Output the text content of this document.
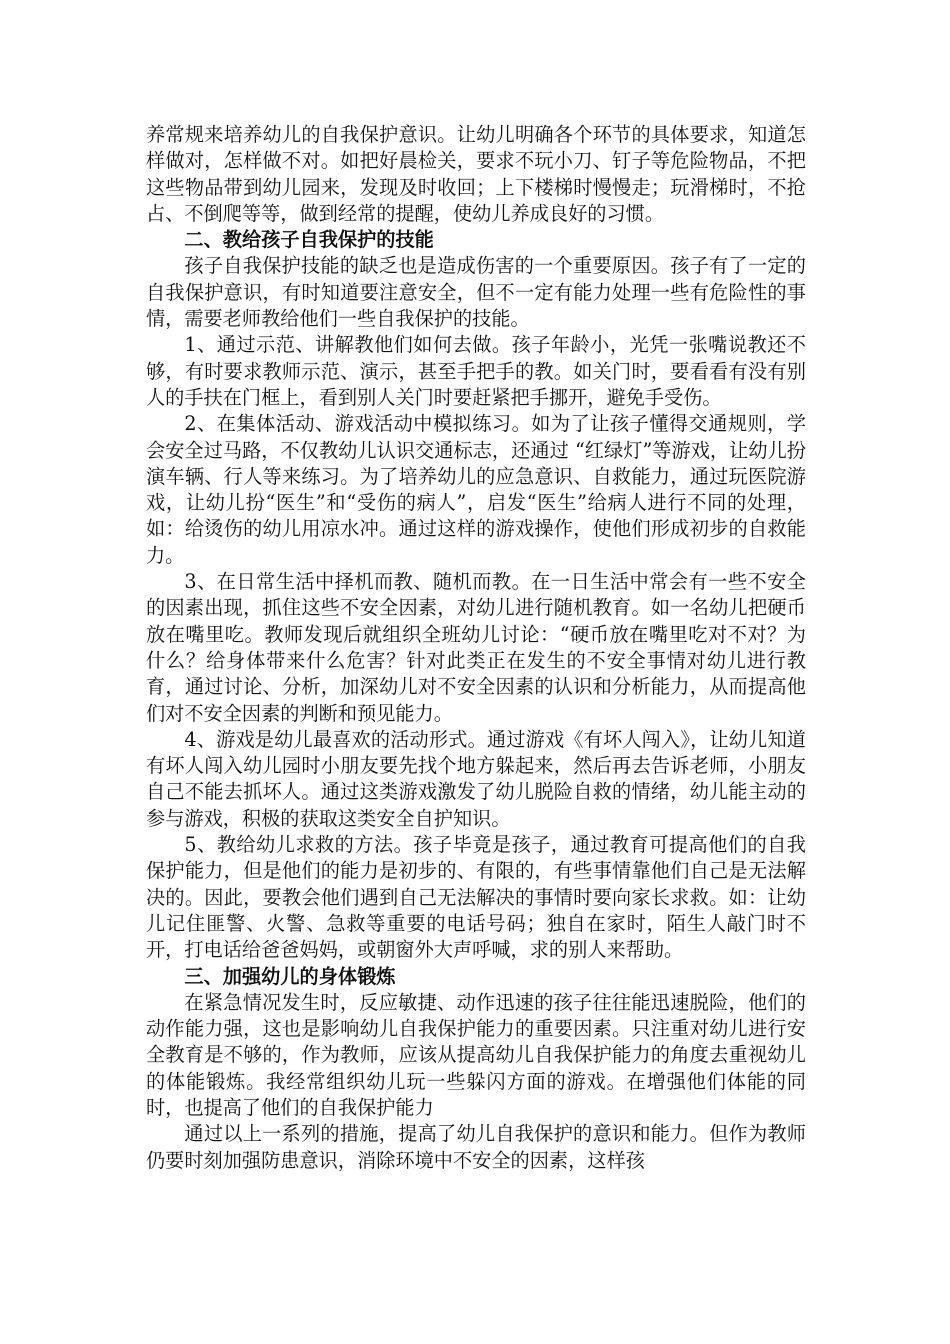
养常规来培养幼儿的自我保护意识。让幼儿明确各个环节的具体要求，知道怎样做对，怎样做不对。如把好晨检关，要求不玩小刀、钉子等危险物品，不把这些物品带到幼儿园来，发现及时收回；上下楼梯时慢慢走；玩滑梯时，不抢占、不倒爬等等，做到经常的提醒，使幼儿养成良好的习惯。

二、教给孩子自我保护的技能

孩子自我保护技能的缺乏也是造成伤害的一个重要原因。孩子有了一定的自我保护意识，有时知道要注意安全，但不一定有能力处理一些有危险性的事情，需要老师教给他们一些自我保护的技能。

1、通过示范、讲解教他们如何去做。孩子年龄小，光凭一张嘴说教还不够，有时要求教师示范、演示，甚至手把手的教。如关门时，要看看有没有别人的手扶在门框上，看到别人关门时要赶紧把手挪开，避免手受伤。

2、在集体活动、游戏活动中模拟练习。如为了让孩子懂得交通规则，学会安全过马路，不仅教幼儿认识交通标志，还通过 “红绿灯”等游戏，让幼儿扮演车辆、行人等来练习。为了培养幼儿的应急意识、自救能力，通过玩医院游戏，让幼儿扮“医生”和“受伤的病人”，启发“医生”给病人进行不同的处理，如：给烫伤的幼儿用凉水冲。通过这样的游戏操作，使他们形成初步的自救能力。

3、在日常生活中择机而教、随机而教。在一日生活中常会有一些不安全的因素出现，抓住这些不安全因素，对幼儿进行随机教育。如一名幼儿把硬币放在嘴里吃。教师发现后就组织全班幼儿讨论：“硬币放在嘴里吃对不对？为什么？给身体带来什么危害？针对此类正在发生的不安全事情对幼儿进行教育，通过讨论、分析，加深幼儿对不安全因素的认识和分析能力，从而提高他们对不安全因素的判断和预见能力。

4、游戏是幼儿最喜欢的活动形式。通过游戏《有坏人闯入》，让幼儿知道有坏人闯入幼儿园时小朋友要先找个地方躲起来，然后再去告诉老师，小朋友自己不能去抓坏人。通过这类游戏激发了幼儿脱险自救的情绪，幼儿能主动的参与游戏，积极的获取这类安全自护知识。

5、教给幼儿求救的方法。孩子毕竟是孩子，通过教育可提高他们的自我保护能力，但是他们的能力是初步的、有限的，有些事情靠他们自己是无法解决的。因此，要教会他们遇到自己无法解决的事情时要向家长求救。如：让幼儿记住匪警、火警、急救等重要的电话号码；独自在家时，陌生人敲门时不开，打电话给爸爸妈妈，或朝窗外大声呼喊，求的别人来帮助。

三、加强幼儿的身体锻炼

在紧急情况发生时，反应敏捷、动作迅速的孩子往往能迅速脱险，他们的动作能力强，这也是影响幼儿自我保护能力的重要因素。只注重对幼儿进行安全教育是不够的，作为教师，应该从提高幼儿自我保护能力的角度去重视幼儿的体能锻炼。我经常组织幼儿玩一些躲闪方面的游戏。在增强他们体能的同时，也提高了他们的自我保护能力

通过以上一系列的措施，提高了幼儿自我保护的意识和能力。但作为教师仍要时刻加强防患意识，消除环境中不安全的因素，这样孩
